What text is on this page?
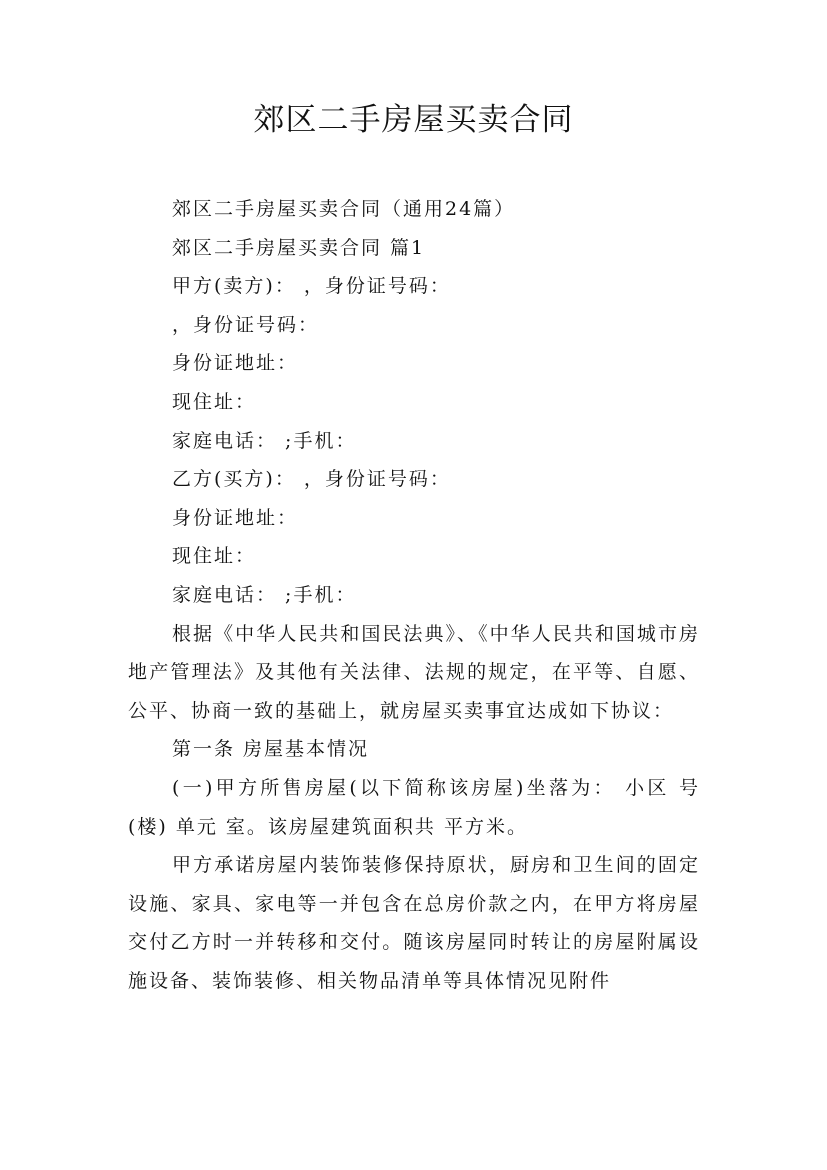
郊区二手房屋买卖合同

郊区二手房屋买卖合同（通用24篇）

郊区二手房屋买卖合同 篇1

甲方(卖方)： ，身份证号码：

，身份证号码：

身份证地址：

现住址：

家庭电话： ;手机：

乙方(买方)： ，身份证号码：

身份证地址：

现住址：

家庭电话： ;手机：

根据《中华人民共和国民法典》、《中华人民共和国城市房地产管理法》及其他有关法律、法规的规定，在平等、自愿、公平、协商一致的基础上，就房屋买卖事宜达成如下协议：

第一条 房屋基本情况

(一)甲方所售房屋(以下简称该房屋)坐落为： 小区 号(楼) 单元 室。该房屋建筑面积共 平方米。

甲方承诺房屋内装饰装修保持原状，厨房和卫生间的固定设施、家具、家电等一并包含在总房价款之内，在甲方将房屋交付乙方时一并转移和交付。随该房屋同时转让的房屋附属设施设备、装饰装修、相关物品清单等具体情况见附件
